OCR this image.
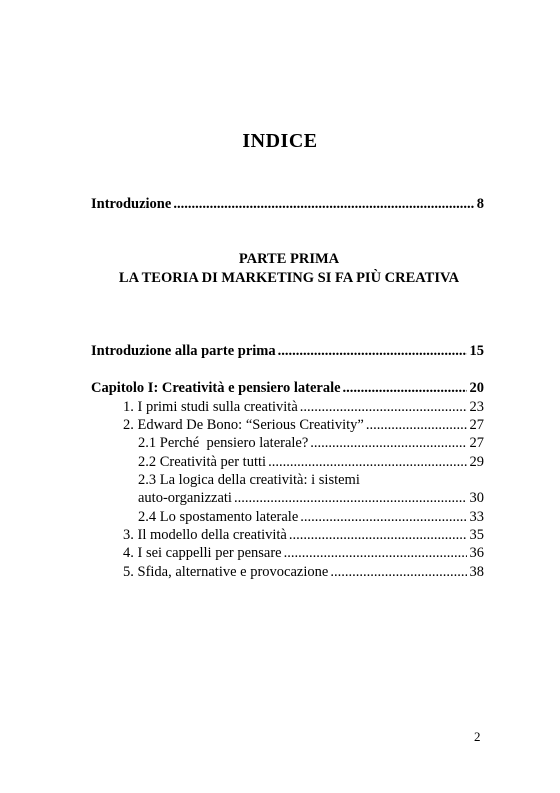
INDICE
Introduzione .....	8
PARTE PRIMA
LA TEORIA DI MARKETING SI FA PIÙ CREATIVA
Introduzione alla parte prima .....	15
Capitolo I: Creatività e pensiero laterale .....	20
1. I primi studi sulla creatività .....	23
2. Edward De Bono: “Serious Creativity” .....	27
2.1 Perché  pensiero laterale? .....	27
2.2 Creatività per tutti .....	29
2.3 La logica della creatività: i sistemi
auto-organizzati .....	30
2.4 Lo spostamento laterale .....	33
3. Il modello della creatività .....	35
4. I sei cappelli per pensare .....	36
5. Sfida, alternative e provocazione .....	38
2
